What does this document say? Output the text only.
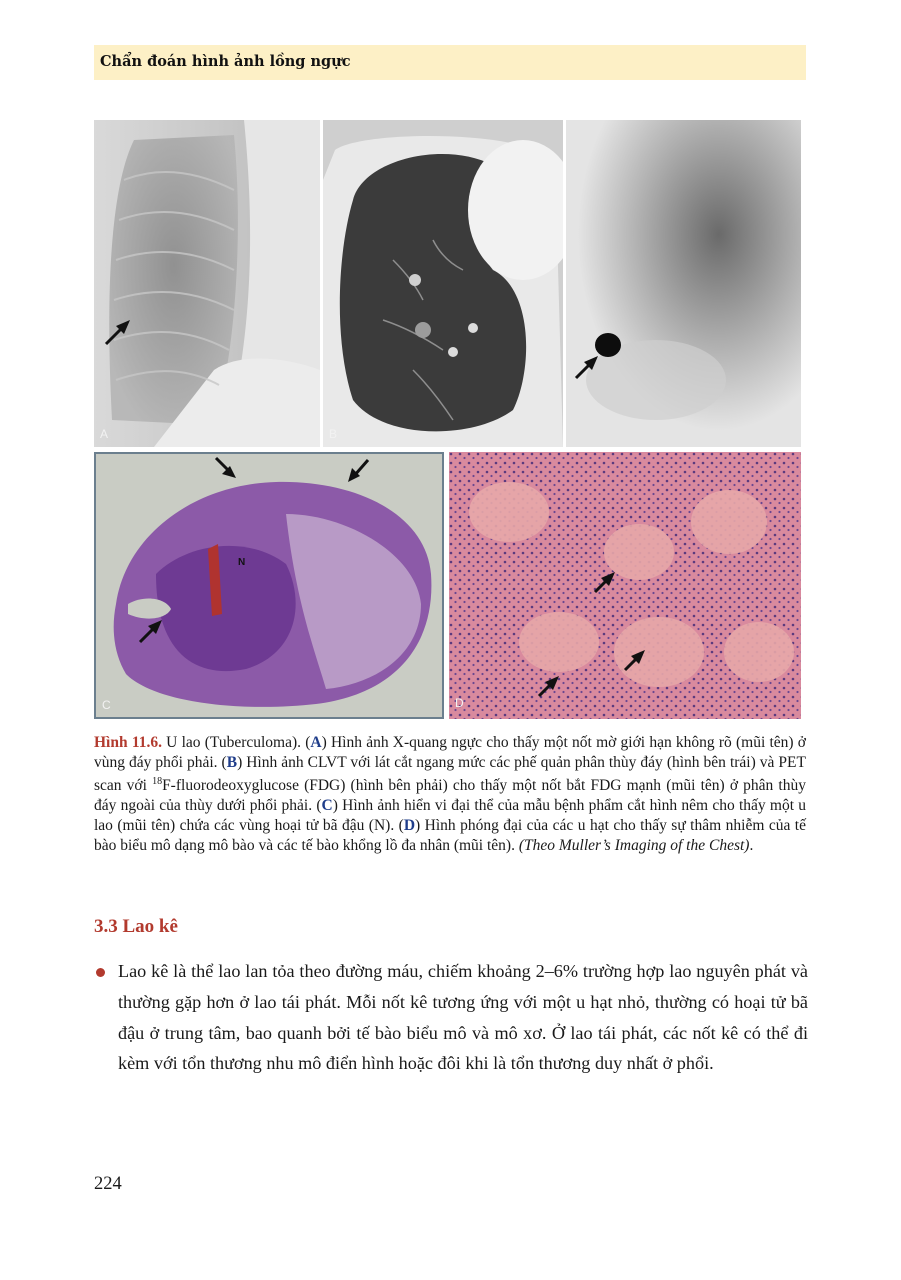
Chẩn đoán hình ảnh lồng ngực
A	B
N
C	D
Hình 11.6. U lao (Tuberculoma). (A) Hình ảnh X-quang ngực cho thấy một nốt mờ giới hạn không rõ (mũi tên) ở vùng đáy phổi phải. (B) Hình ảnh CLVT với lát cắt ngang mức các phế quản phân thùy đáy (hình bên trái) và PET scan với $^{18}$F-fluorodeoxyglucose (FDG) (hình bên phải) cho thấy một nốt bắt FDG mạnh (mũi tên) ở phân thùy đáy ngoài của thùy dưới phổi phải. (C) Hình ảnh hiển vi đại thể của mẫu bệnh phẩm cắt hình nêm cho thấy một u lao (mũi tên) chứa các vùng hoại tử bã đậu (N). (D) Hình phóng đại của các u hạt cho thấy sự thâm nhiễm của tế bào biểu mô dạng mô bào và các tế bào khổng lồ đa nhân (mũi tên). (Theo Muller’s Imaging of the Chest).
3.3 Lao kê
Lao kê là thể lao lan tỏa theo đường máu, chiếm khoảng 2–6% trường hợp lao nguyên phát và thường gặp hơn ở lao tái phát. Mỗi nốt kê tương ứng với một u hạt nhỏ, thường có hoại tử bã đậu ở trung tâm, bao quanh bởi tế bào biểu mô và mô xơ. Ở lao tái phát, các nốt kê có thể đi kèm với tổn thương nhu mô điển hình hoặc đôi khi là tổn thương duy nhất ở phổi.
224
